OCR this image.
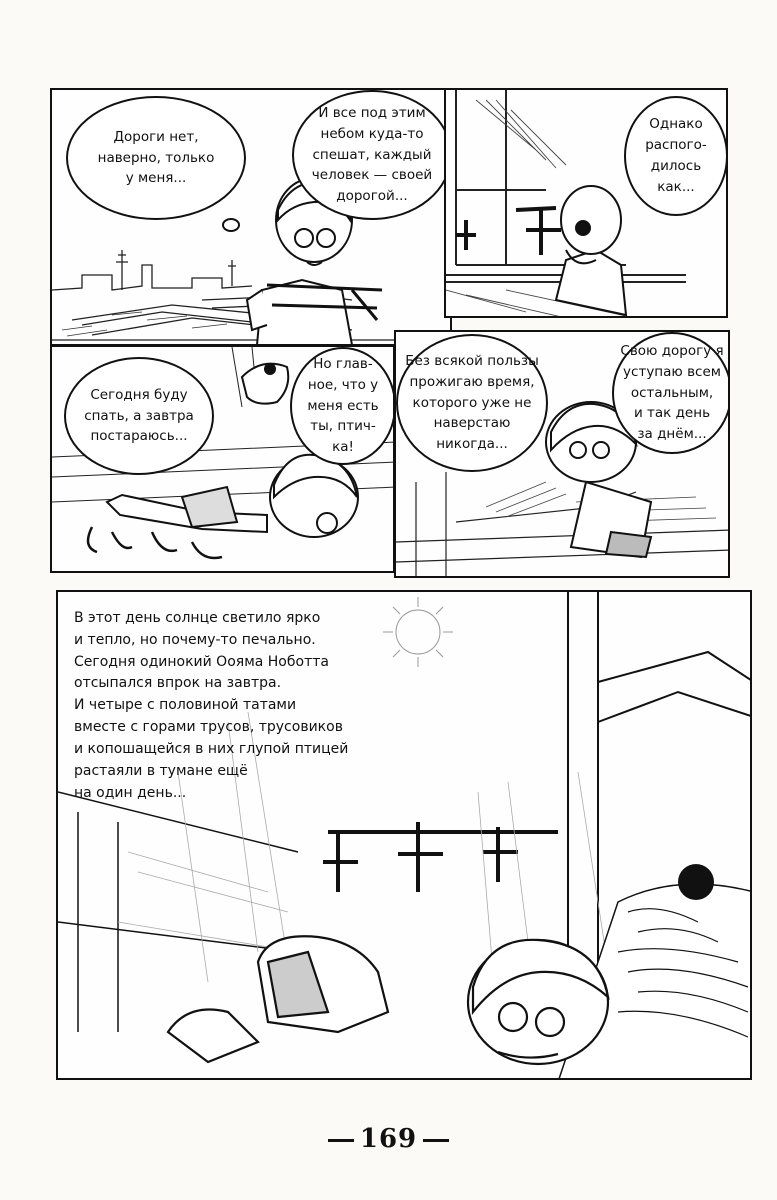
Дороги нет,
наверно, только
у меня...
И все под этим
небом куда-то
спешат, каждый
человек — своей
дорогой...
Однако
распого-
дилось
как...
Сегодня буду
спать, а завтра
постараюсь...
Но глав-
ное, что у
меня есть
ты, птич-
ка!
Без всякой пользы
прожигаю время,
которого уже не
наверстаю
никогда...
Свою дорогу я
уступаю всем
остальным,
и так день
за днём...
В этот день солнце светило ярко
и тепло, но почему-то печально.
Сегодня одинокий Оояма Ноботта
отсыпался впрок на завтра.
И четыре с половиной татами
вместе с горами трусов, трусовиков
и копошащейся в них глупой птицей
растаяли в тумане ещё
на один день...
169
